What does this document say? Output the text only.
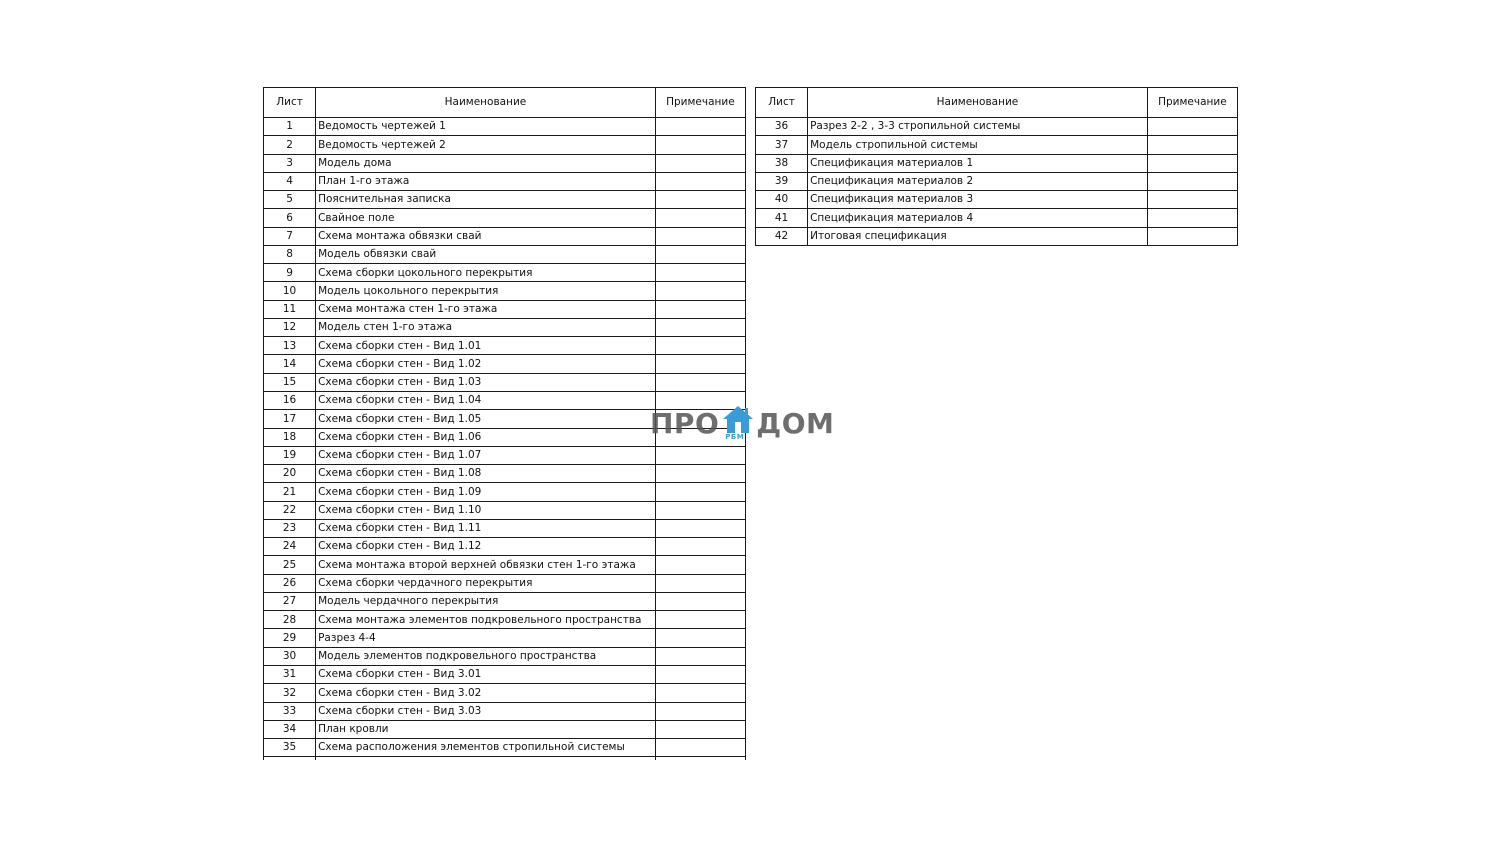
Лист	Наименование	Примечание
1	Ведомость чертежей 1	
2	Ведомость чертежей 2	
3	Модель дома	
4	План 1-го этажа	
5	Пояснительная записка	
6	Свайное поле	
7	Схема монтажа обвязки свай	
8	Модель обвязки свай	
9	Схема сборки цокольного перекрытия	
10	Модель цокольного перекрытия	
11	Схема монтажа стен 1-го этажа	
12	Модель стен 1-го этажа	
13	Схема сборки стен - Вид 1.01	
14	Схема сборки стен - Вид 1.02	
15	Схема сборки стен - Вид 1.03	
16	Схема сборки стен - Вид 1.04	
17	Схема сборки стен - Вид 1.05	
18	Схема сборки стен - Вид 1.06	
19	Схема сборки стен - Вид 1.07	
20	Схема сборки стен - Вид 1.08	
21	Схема сборки стен - Вид 1.09	
22	Схема сборки стен - Вид 1.10	
23	Схема сборки стен - Вид 1.11	
24	Схема сборки стен - Вид 1.12	
25	Схема монтажа второй верхней обвязки стен 1-го этажа	
26	Схема сборки чердачного перекрытия	
27	Модель чердачного перекрытия	
28	Схема монтажа элементов подкровельного пространства	
29	Разрез 4-4	
30	Модель элементов подкровельного пространства	
31	Схема сборки стен - Вид 3.01	
32	Схема сборки стен - Вид 3.02	
33	Схема сборки стен - Вид 3.03	
34	План кровли	
35	Схема расположения элементов стропильной системы	
Лист	Наименование	Примечание
36	Разрез 2-2 , 3-3 стропильной системы	
37	Модель стропильной системы	
38	Спецификация материалов 1	
39	Спецификация материалов 2	
40	Спецификация материалов 3	
41	Спецификация материалов 4	
42	Итоговая спецификация	
ПРО РБМ ДОМ
